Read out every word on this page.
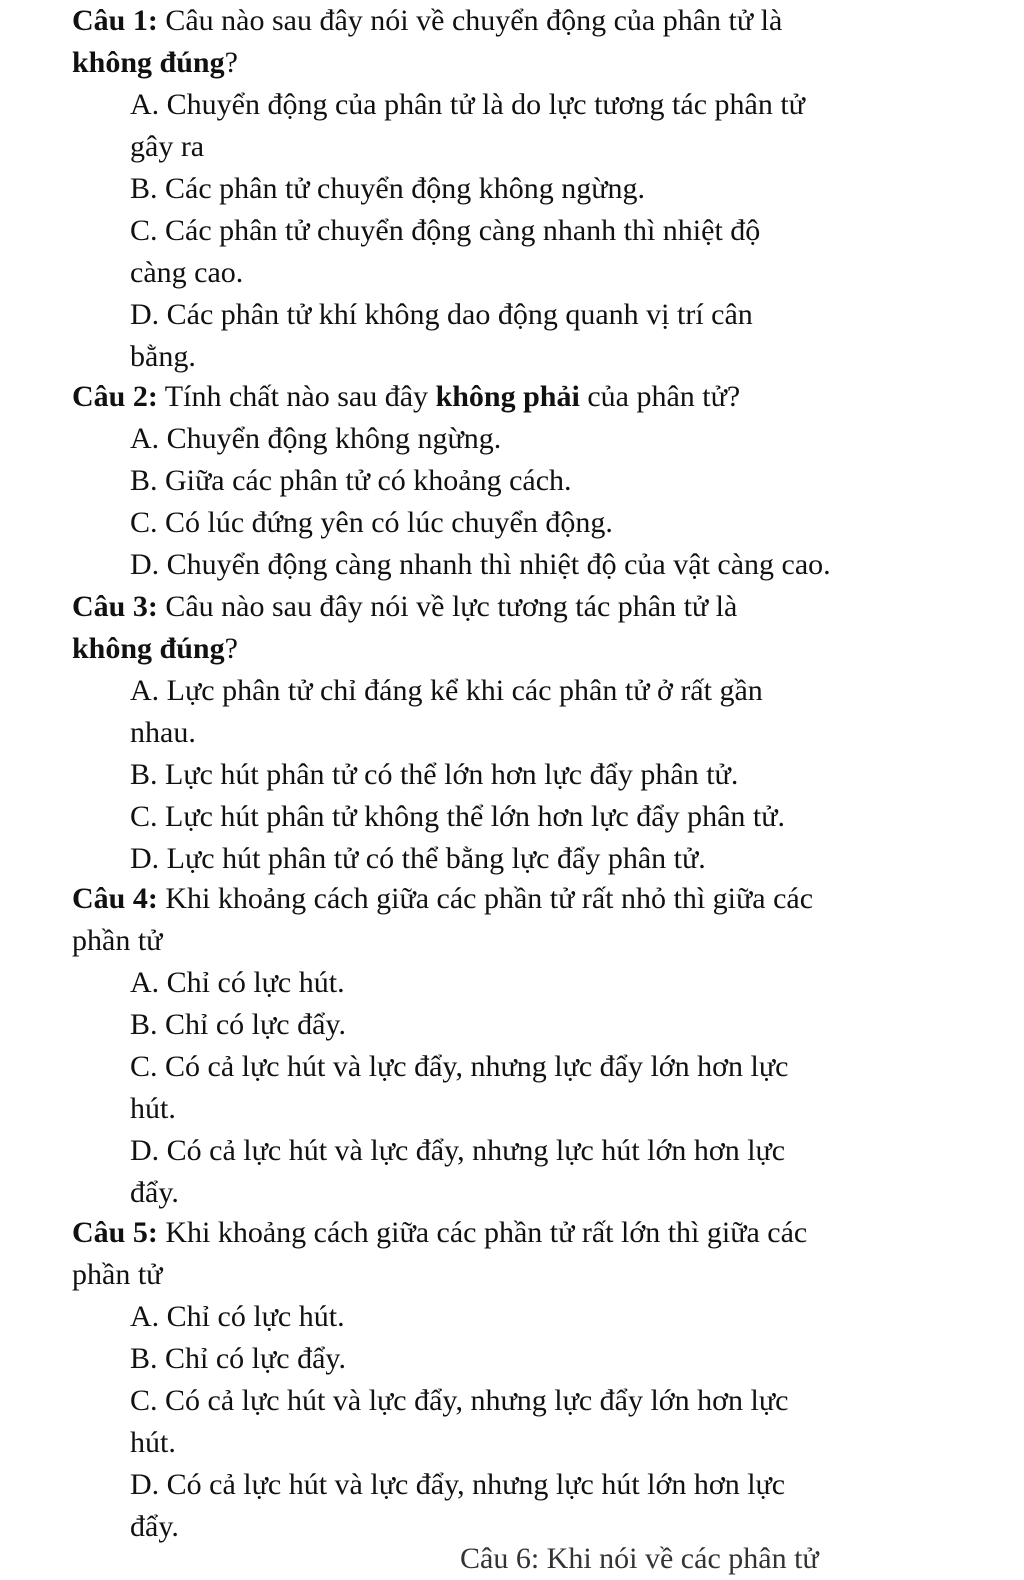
Câu 1: Câu nào sau đây nói về chuyển động của phân tử là
không đúng?
A. Chuyển động của phân tử là do lực tương tác phân tử
gây ra
B. Các phân tử chuyển động không ngừng.
C. Các phân tử chuyển động càng nhanh thì nhiệt độ
càng cao.
D. Các phân tử khí không dao động quanh vị trí cân
bằng.
Câu 2: Tính chất nào sau đây không phải của phân tử?
A. Chuyển động không ngừng.
B. Giữa các phân tử có khoảng cách.
C. Có lúc đứng yên có lúc chuyển động.
D. Chuyển động càng nhanh thì nhiệt độ của vật càng cao.
Câu 3: Câu nào sau đây nói về lực tương tác phân tử là
không đúng?
A. Lực phân tử chỉ đáng kể khi các phân tử ở rất gần
nhau.
B. Lực hút phân tử có thể lớn hơn lực đẩy phân tử.
C. Lực hút phân tử không thể lớn hơn lực đẩy phân tử.
D. Lực hút phân tử có thể bằng lực đẩy phân tử.
Câu 4: Khi khoảng cách giữa các phần tử rất nhỏ thì giữa các
phần tử
A. Chỉ có lực hút.
B. Chỉ có lực đẩy.
C. Có cả lực hút và lực đẩy, nhưng lực đẩy lớn hơn lực
hút.
D. Có cả lực hút và lực đẩy, nhưng lực hút lớn hơn lực
đẩy.
Câu 5: Khi khoảng cách giữa các phần tử rất lớn thì giữa các
phần tử
A. Chỉ có lực hút.
B. Chỉ có lực đẩy.
C. Có cả lực hút và lực đẩy, nhưng lực đẩy lớn hơn lực
hút.
D. Có cả lực hút và lực đẩy, nhưng lực hút lớn hơn lực
đẩy.
Câu 6: Khi nói về các phân tử
